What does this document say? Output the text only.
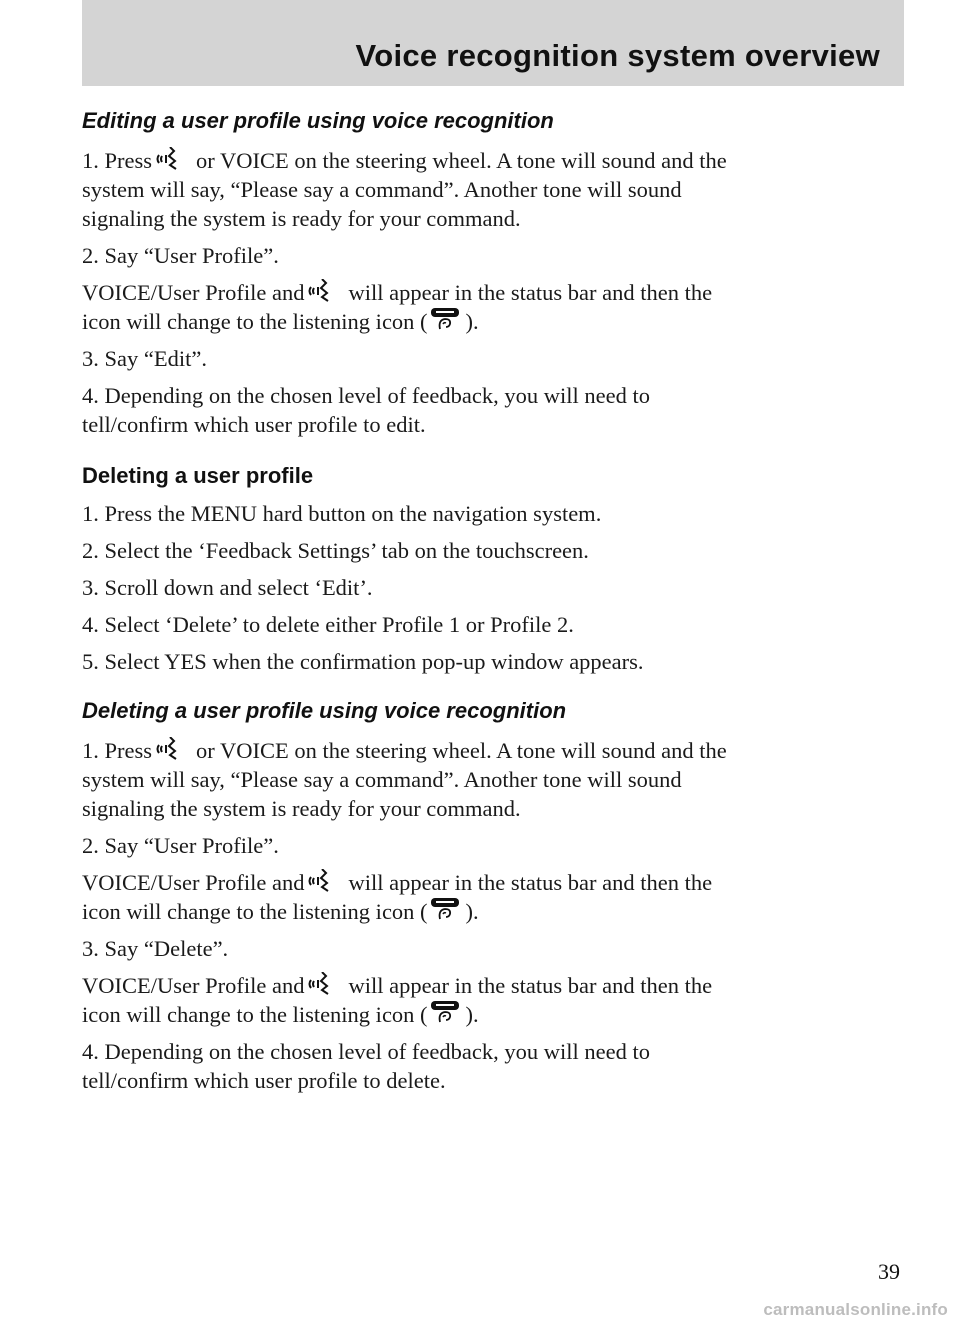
Voice recognition system overview
Editing a user profile using voice recognition

1. Press or VOICE on the steering wheel. A tone will sound and the
system will say, “Please say a command”. Another tone will sound
signaling the system is ready for your command.

2. Say “User Profile”.

VOICE/User Profile and will appear in the status bar and then the
icon will change to the listening icon ( ).

3. Say “Edit”.

4. Depending on the chosen level of feedback, you will need to
tell/confirm which user profile to edit.

Deleting a user profile

1. Press the MENU hard button on the navigation system.

2. Select the ‘Feedback Settings’ tab on the touchscreen.

3. Scroll down and select ‘Edit’.

4. Select ‘Delete’ to delete either Profile 1 or Profile 2.

5. Select YES when the confirmation pop-up window appears.

Deleting a user profile using voice recognition

1. Press or VOICE on the steering wheel. A tone will sound and the
system will say, “Please say a command”. Another tone will sound
signaling the system is ready for your command.

2. Say “User Profile”.

VOICE/User Profile and will appear in the status bar and then the
icon will change to the listening icon ( ).

3. Say “Delete”.

VOICE/User Profile and will appear in the status bar and then the
icon will change to the listening icon ( ).

4. Depending on the chosen level of feedback, you will need to
tell/confirm which user profile to delete.

39
carmanualsonline.info
